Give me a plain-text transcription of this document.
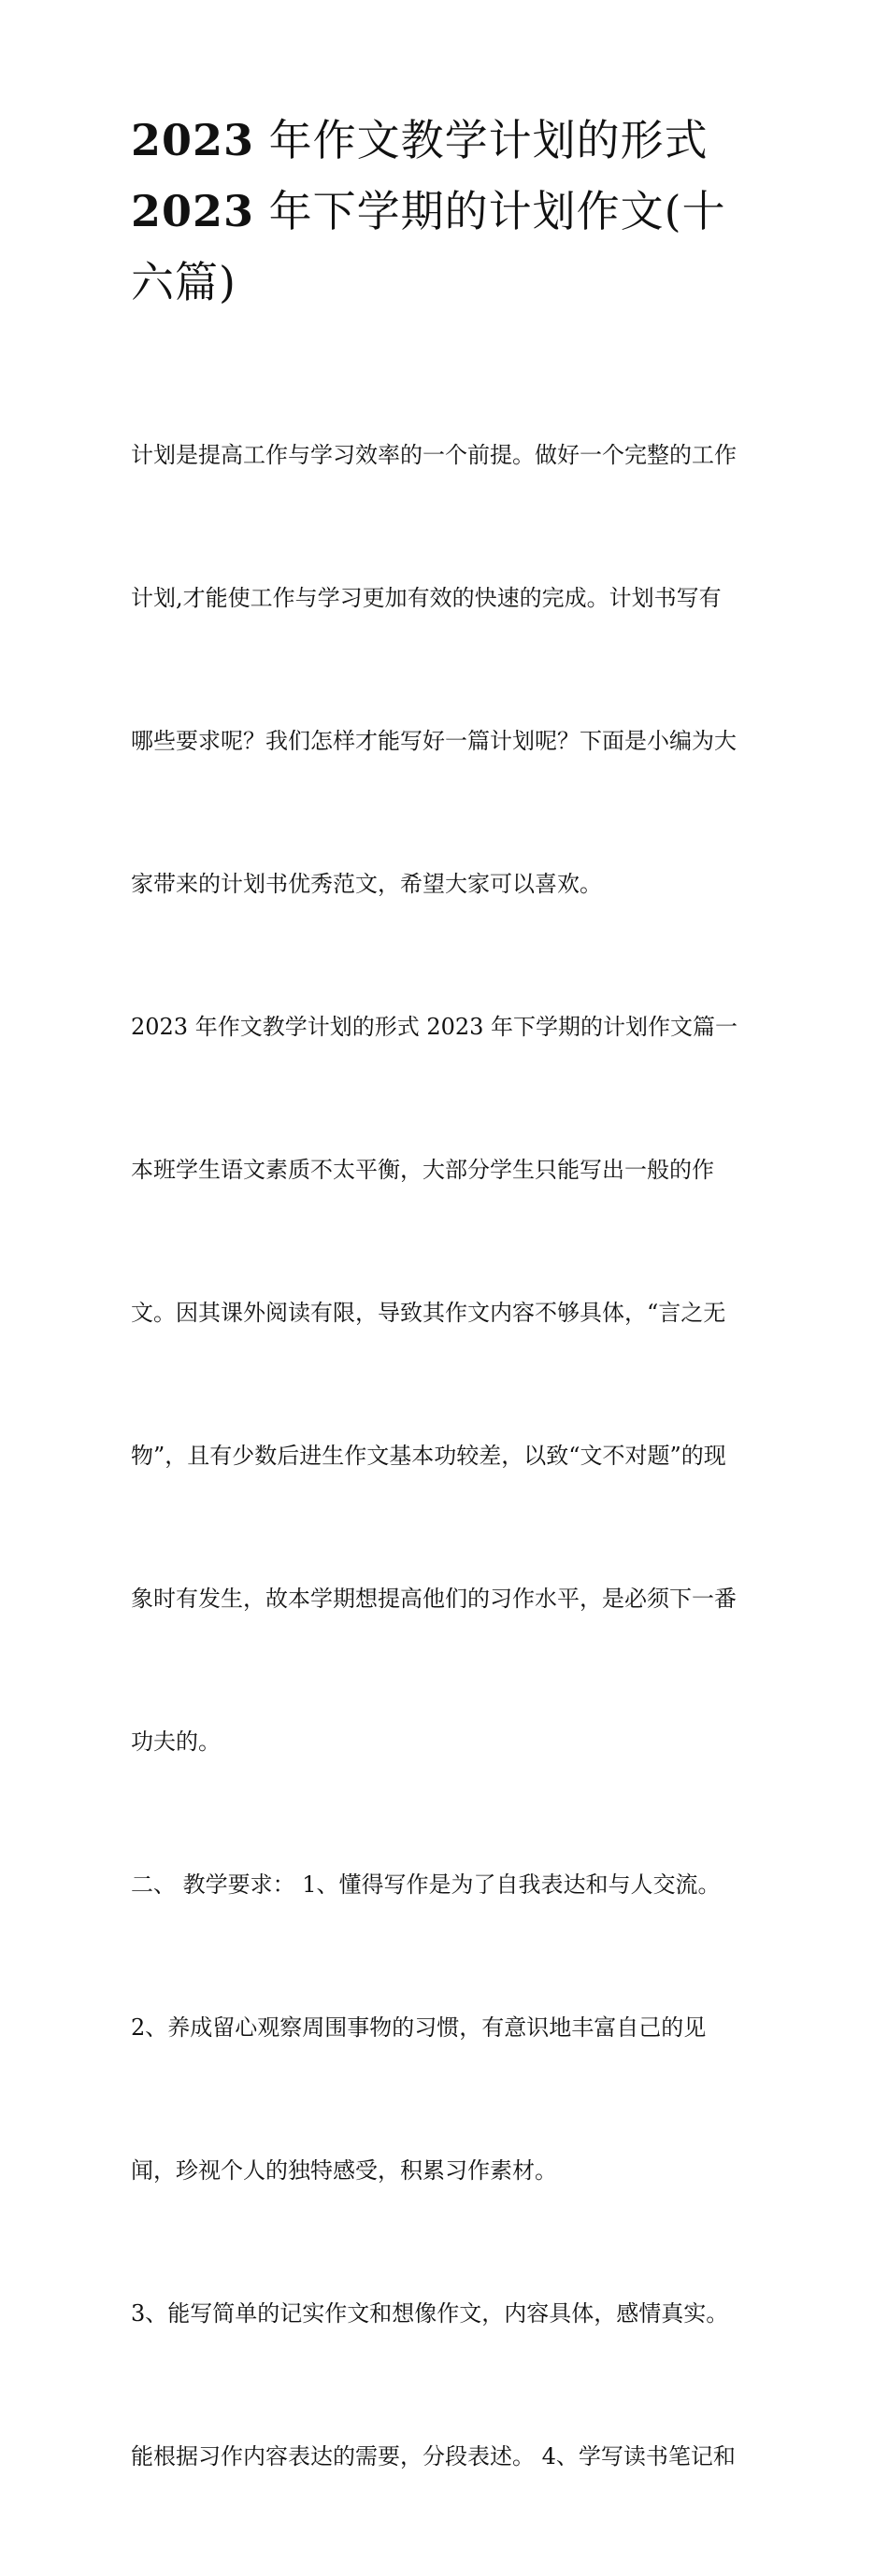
2023 年作文教学计划的形式
2023 年下学期的计划作文(十
六篇)

计划是提高工作与学习效率的一个前提。做好一个完整的工作

计划,才能使工作与学习更加有效的快速的完成。计划书写有

哪些要求呢？我们怎样才能写好一篇计划呢？下面是小编为大

家带来的计划书优秀范文，希望大家可以喜欢。

2023 年作文教学计划的形式 2023 年下学期的计划作文篇一

本班学生语文素质不太平衡，大部分学生只能写出一般的作

文。因其课外阅读有限，导致其作文内容不够具体，“言之无

物”，且有少数后进生作文基本功较差，以致“文不对题”的现

象时有发生，故本学期想提高他们的习作水平，是必须下一番

功夫的。

二、 教学要求： 1、懂得写作是为了自我表达和与人交流。

2、养成留心观察周围事物的习惯，有意识地丰富自己的见

闻，珍视个人的独特感受，积累习作素材。

3、能写简单的记实作文和想像作文，内容具体，感情真实。

能根据习作内容表达的需要，分段表述。 4、学写读书笔记和
